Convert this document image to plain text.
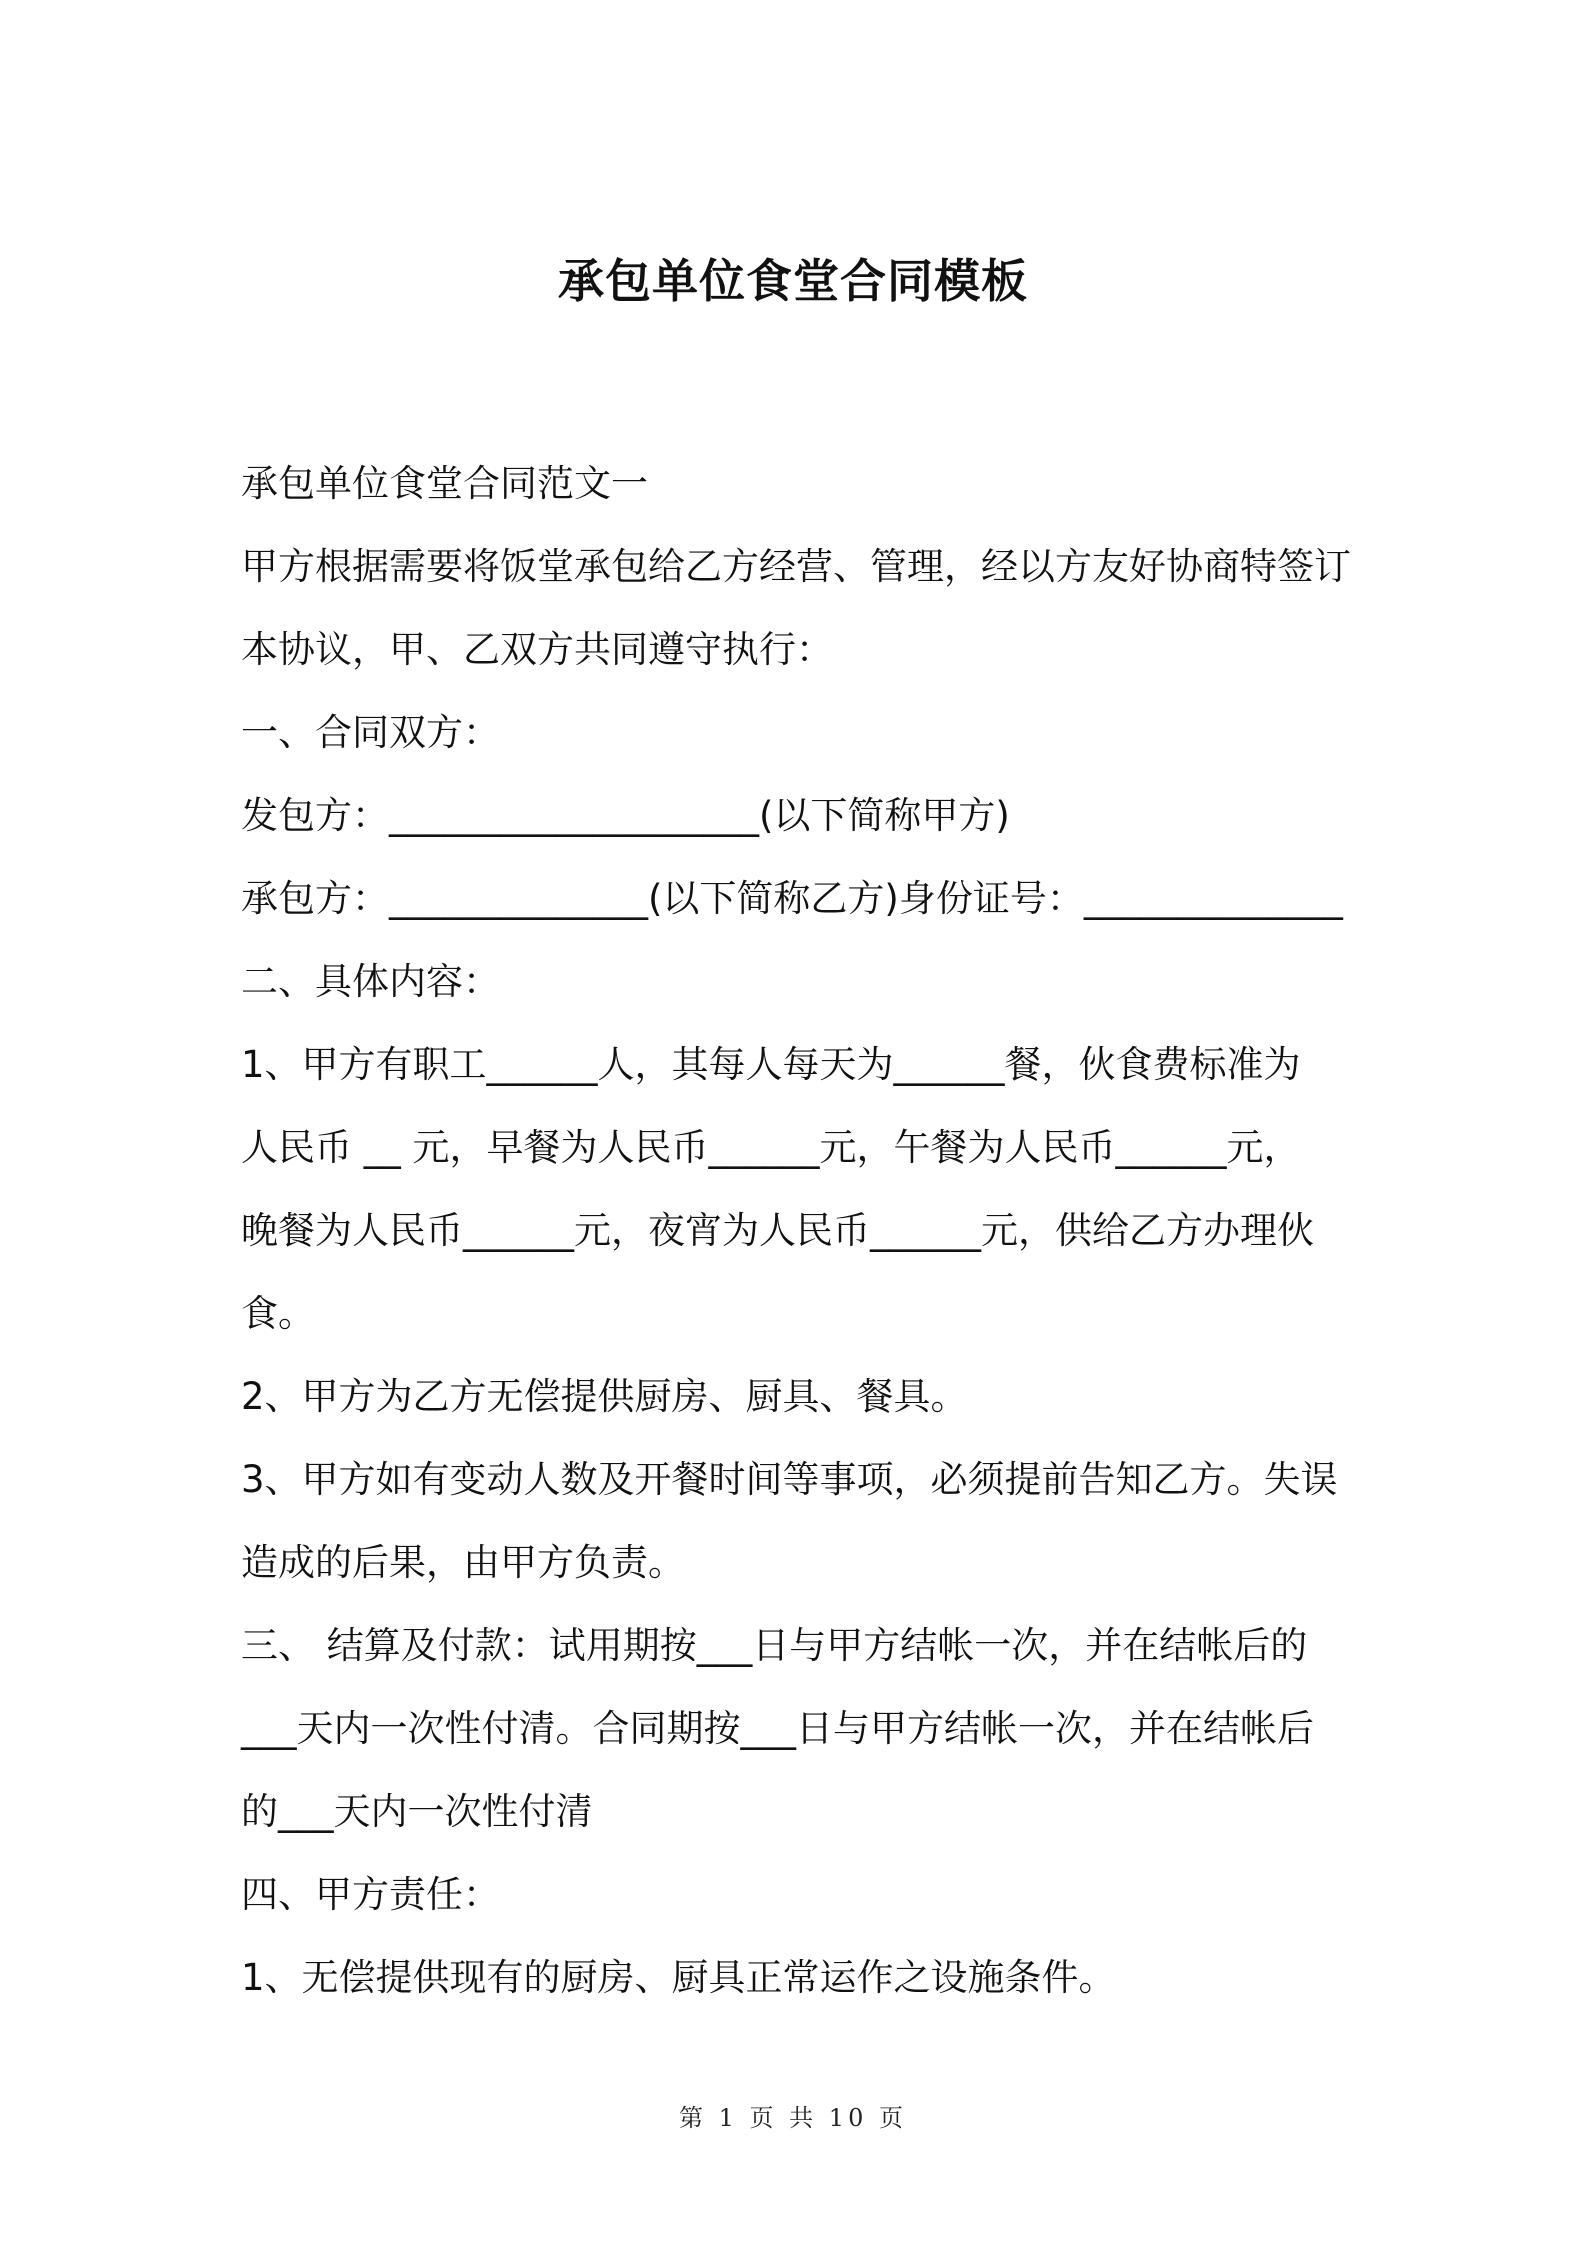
承包单位食堂合同模板
承包单位食堂合同范文一
甲方根据需要将饭堂承包给乙方经营、管理，经以方友好协商特签订
本协议，甲、乙双方共同遵守执行：
一、合同双方：
发包方：____________________(以下简称甲方)
承包方：______________(以下简称乙方)身份证号：______________
二、具体内容：
1、甲方有职工______人，其每人每天为______餐，伙食费标准为
人民币 __ 元，早餐为人民币______元，午餐为人民币______元，
晚餐为人民币______元，夜宵为人民币______元，供给乙方办理伙
食。
2、甲方为乙方无偿提供厨房、厨具、餐具。
3、甲方如有变动人数及开餐时间等事项，必须提前告知乙方。失误
造成的后果，由甲方负责。
三、 结算及付款：试用期按___日与甲方结帐一次，并在结帐后的
___天内一次性付清。合同期按___日与甲方结帐一次，并在结帐后
的___天内一次性付清
四、甲方责任：
1、无偿提供现有的厨房、厨具正常运作之设施条件。
第 1 页 共 10 页
